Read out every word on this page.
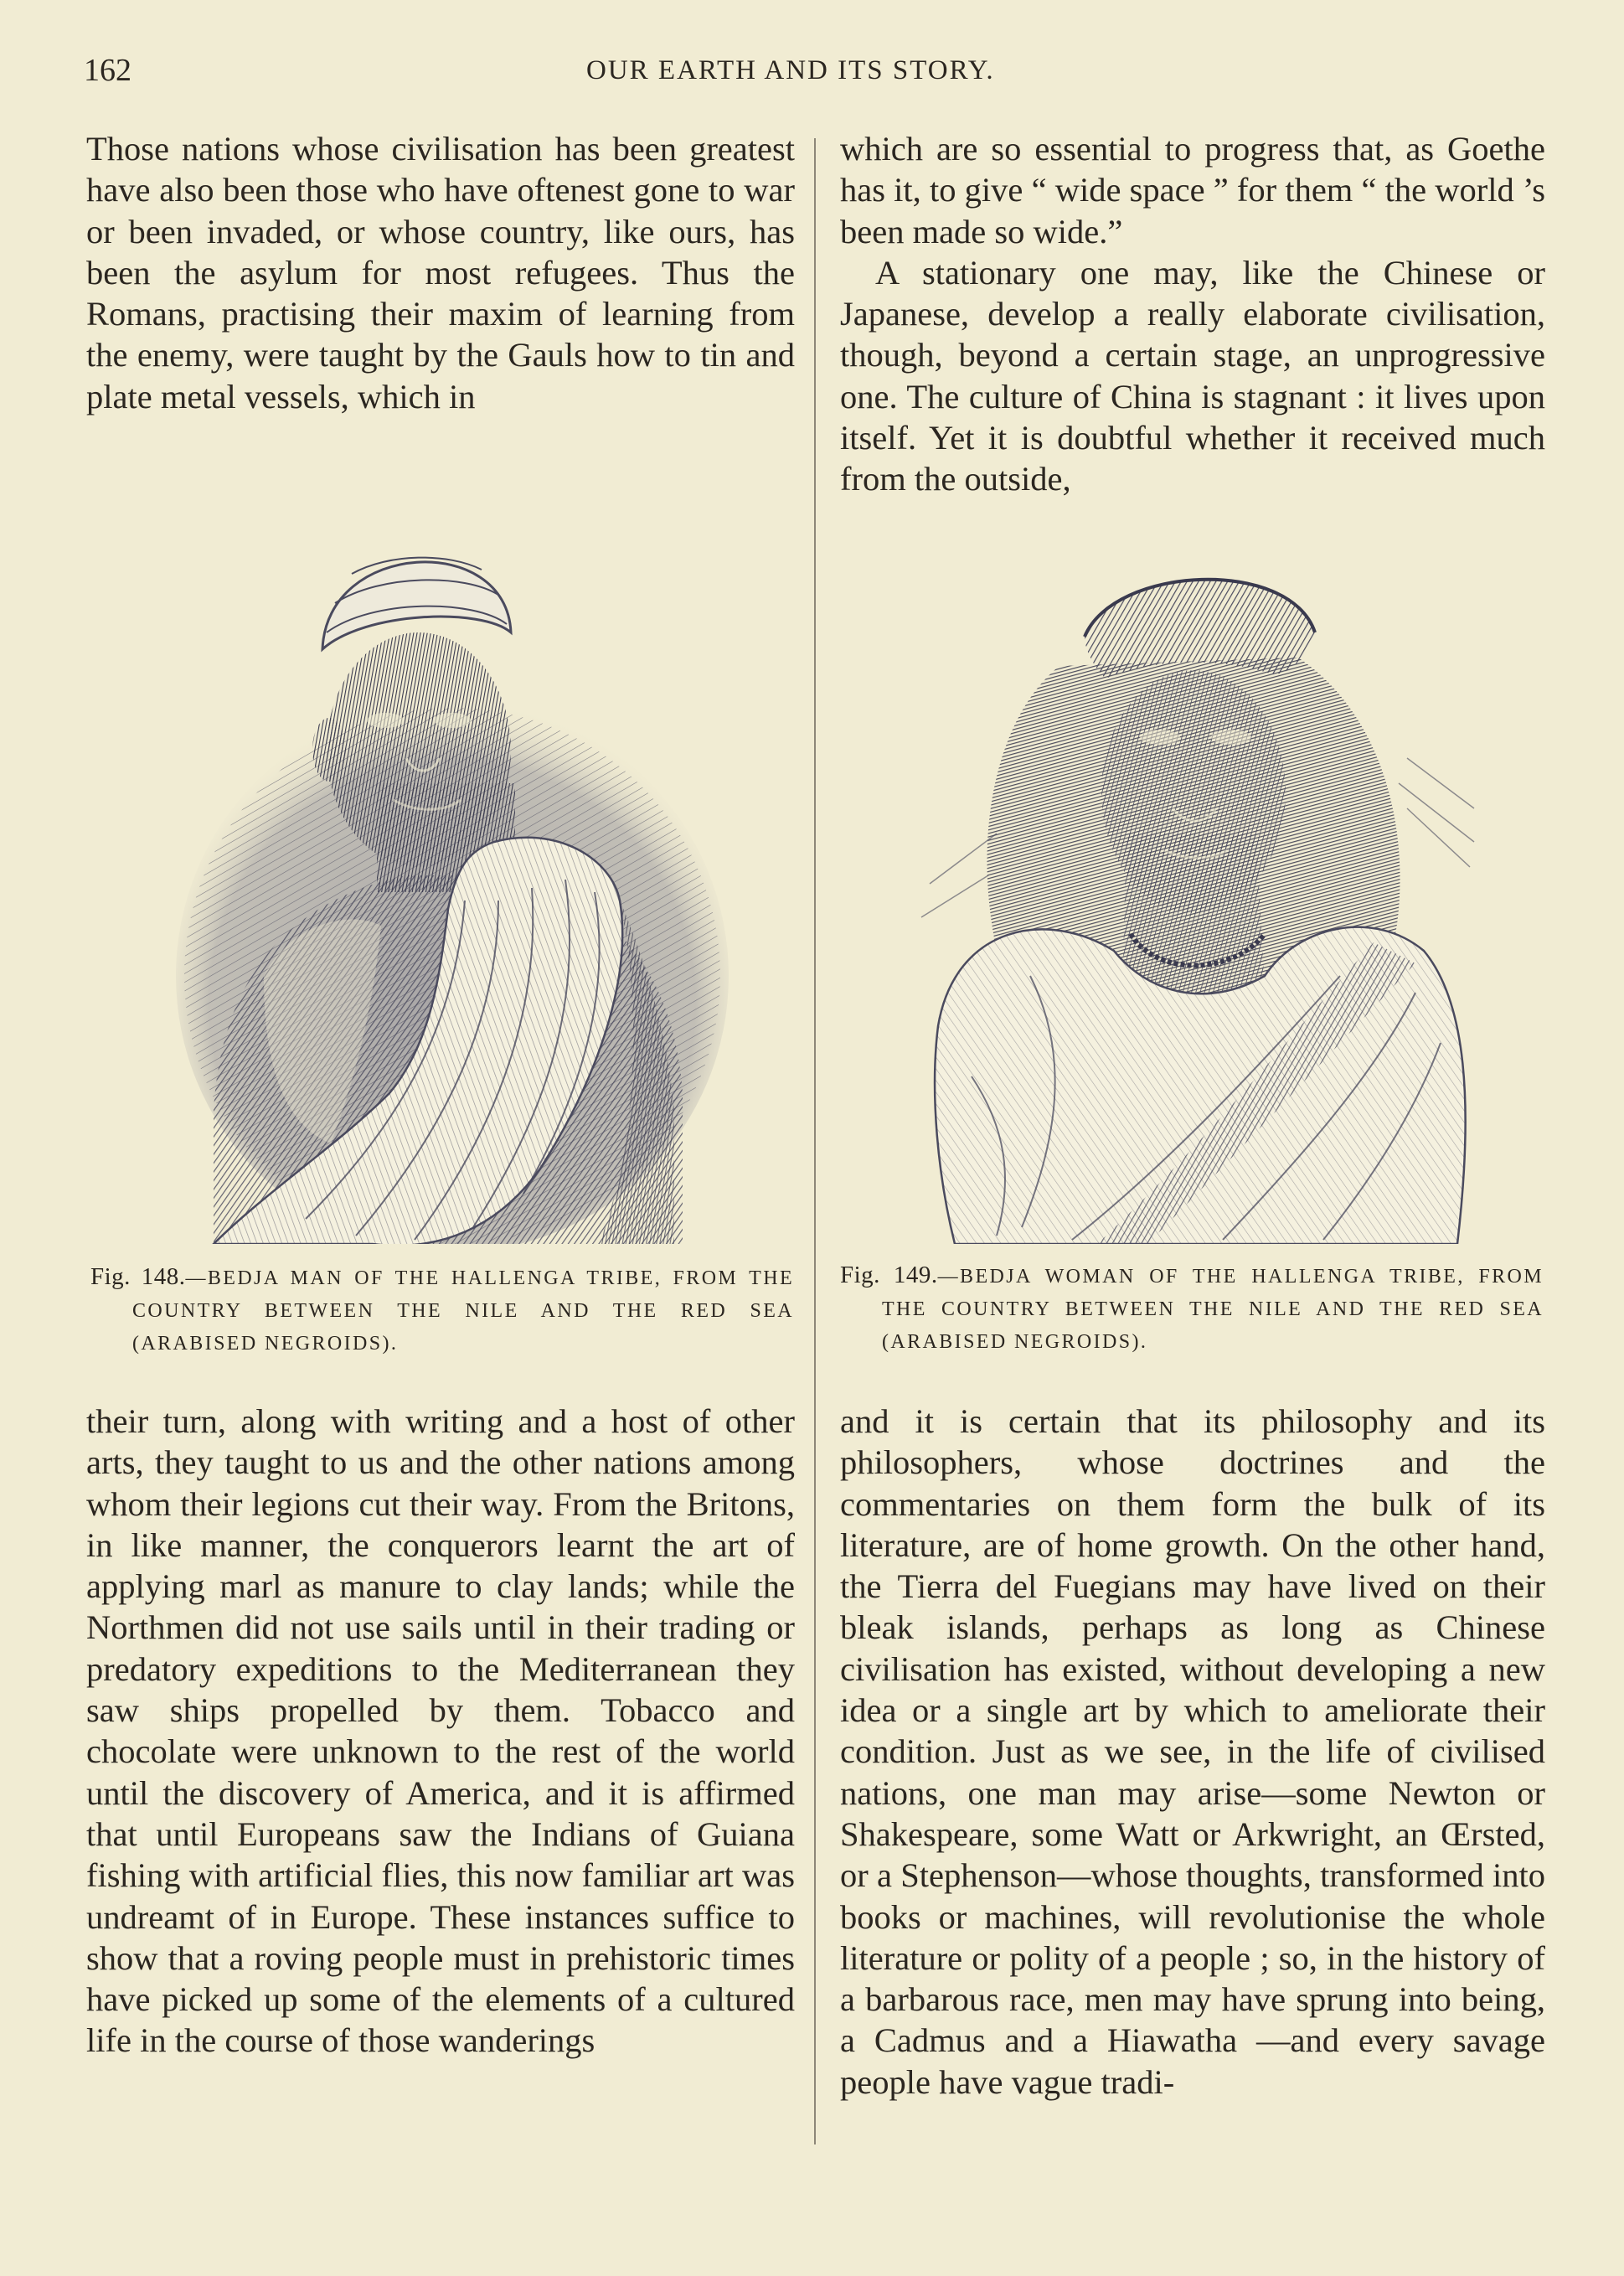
162	OUR EARTH AND ITS STORY.

Those nations whose civilisation has been greatest have also been those who have oftenest gone to war or been invaded, or whose country, like ours, has been the asylum for most refugees. Thus the Romans, practising their maxim of learning from the enemy, were taught by the Gauls how to tin and plate metal vessels, which in

Fig. 148.—BEDJA MAN OF THE HALLENGA TRIBE, FROM THE COUNTRY BETWEEN THE NILE AND THE RED SEA (ARABISED NEGROIDS).

their turn, along with writing and a host of other arts, they taught to us and the other nations among whom their legions cut their way. From the Britons, in like manner, the conquerors learnt the art of applying marl as manure to clay lands; while the Northmen did not use sails until in their trading or predatory expeditions to the Mediterranean they saw ships propelled by them. Tobacco and chocolate were unknown to the rest of the world until the discovery of America, and it is affirmed that until Europeans saw the Indians of Guiana fishing with artificial flies, this now familiar art was undreamt of in Europe. These instances suffice to show that a roving people must in prehistoric times have picked up some of the elements of a cultured life in the course of those wanderings

which are so essential to progress that, as Goethe has it, to give “ wide space ” for them “ the world ’s been made so wide.”

A stationary one may, like the Chinese or Japanese, develop a really elaborate civilisation, though, beyond a certain stage, an unprogressive one. The culture of China is stagnant : it lives upon itself. Yet it is doubtful whether it received much from the outside,

Fig. 149.—BEDJA WOMAN OF THE HALLENGA TRIBE, FROM THE COUNTRY BETWEEN THE NILE AND THE RED SEA (ARABISED NEGROIDS).

and it is certain that its philosophy and its philosophers, whose doctrines and the commentaries on them form the bulk of its literature, are of home growth. On the other hand, the Tierra del Fuegians may have lived on their bleak islands, perhaps as long as Chinese civilisation has existed, without developing a new idea or a single art by which to ameliorate their condition. Just as we see, in the life of civilised nations, one man may arise—some Newton or Shakespeare, some Watt or Arkwright, an Œrsted, or a Stephenson—whose thoughts, transformed into books or machines, will revolutionise the whole literature or polity of a people ; so, in the history of a barbarous race, men may have sprung into being, a Cadmus and a Hiawatha —and every savage people have vague tradi-
